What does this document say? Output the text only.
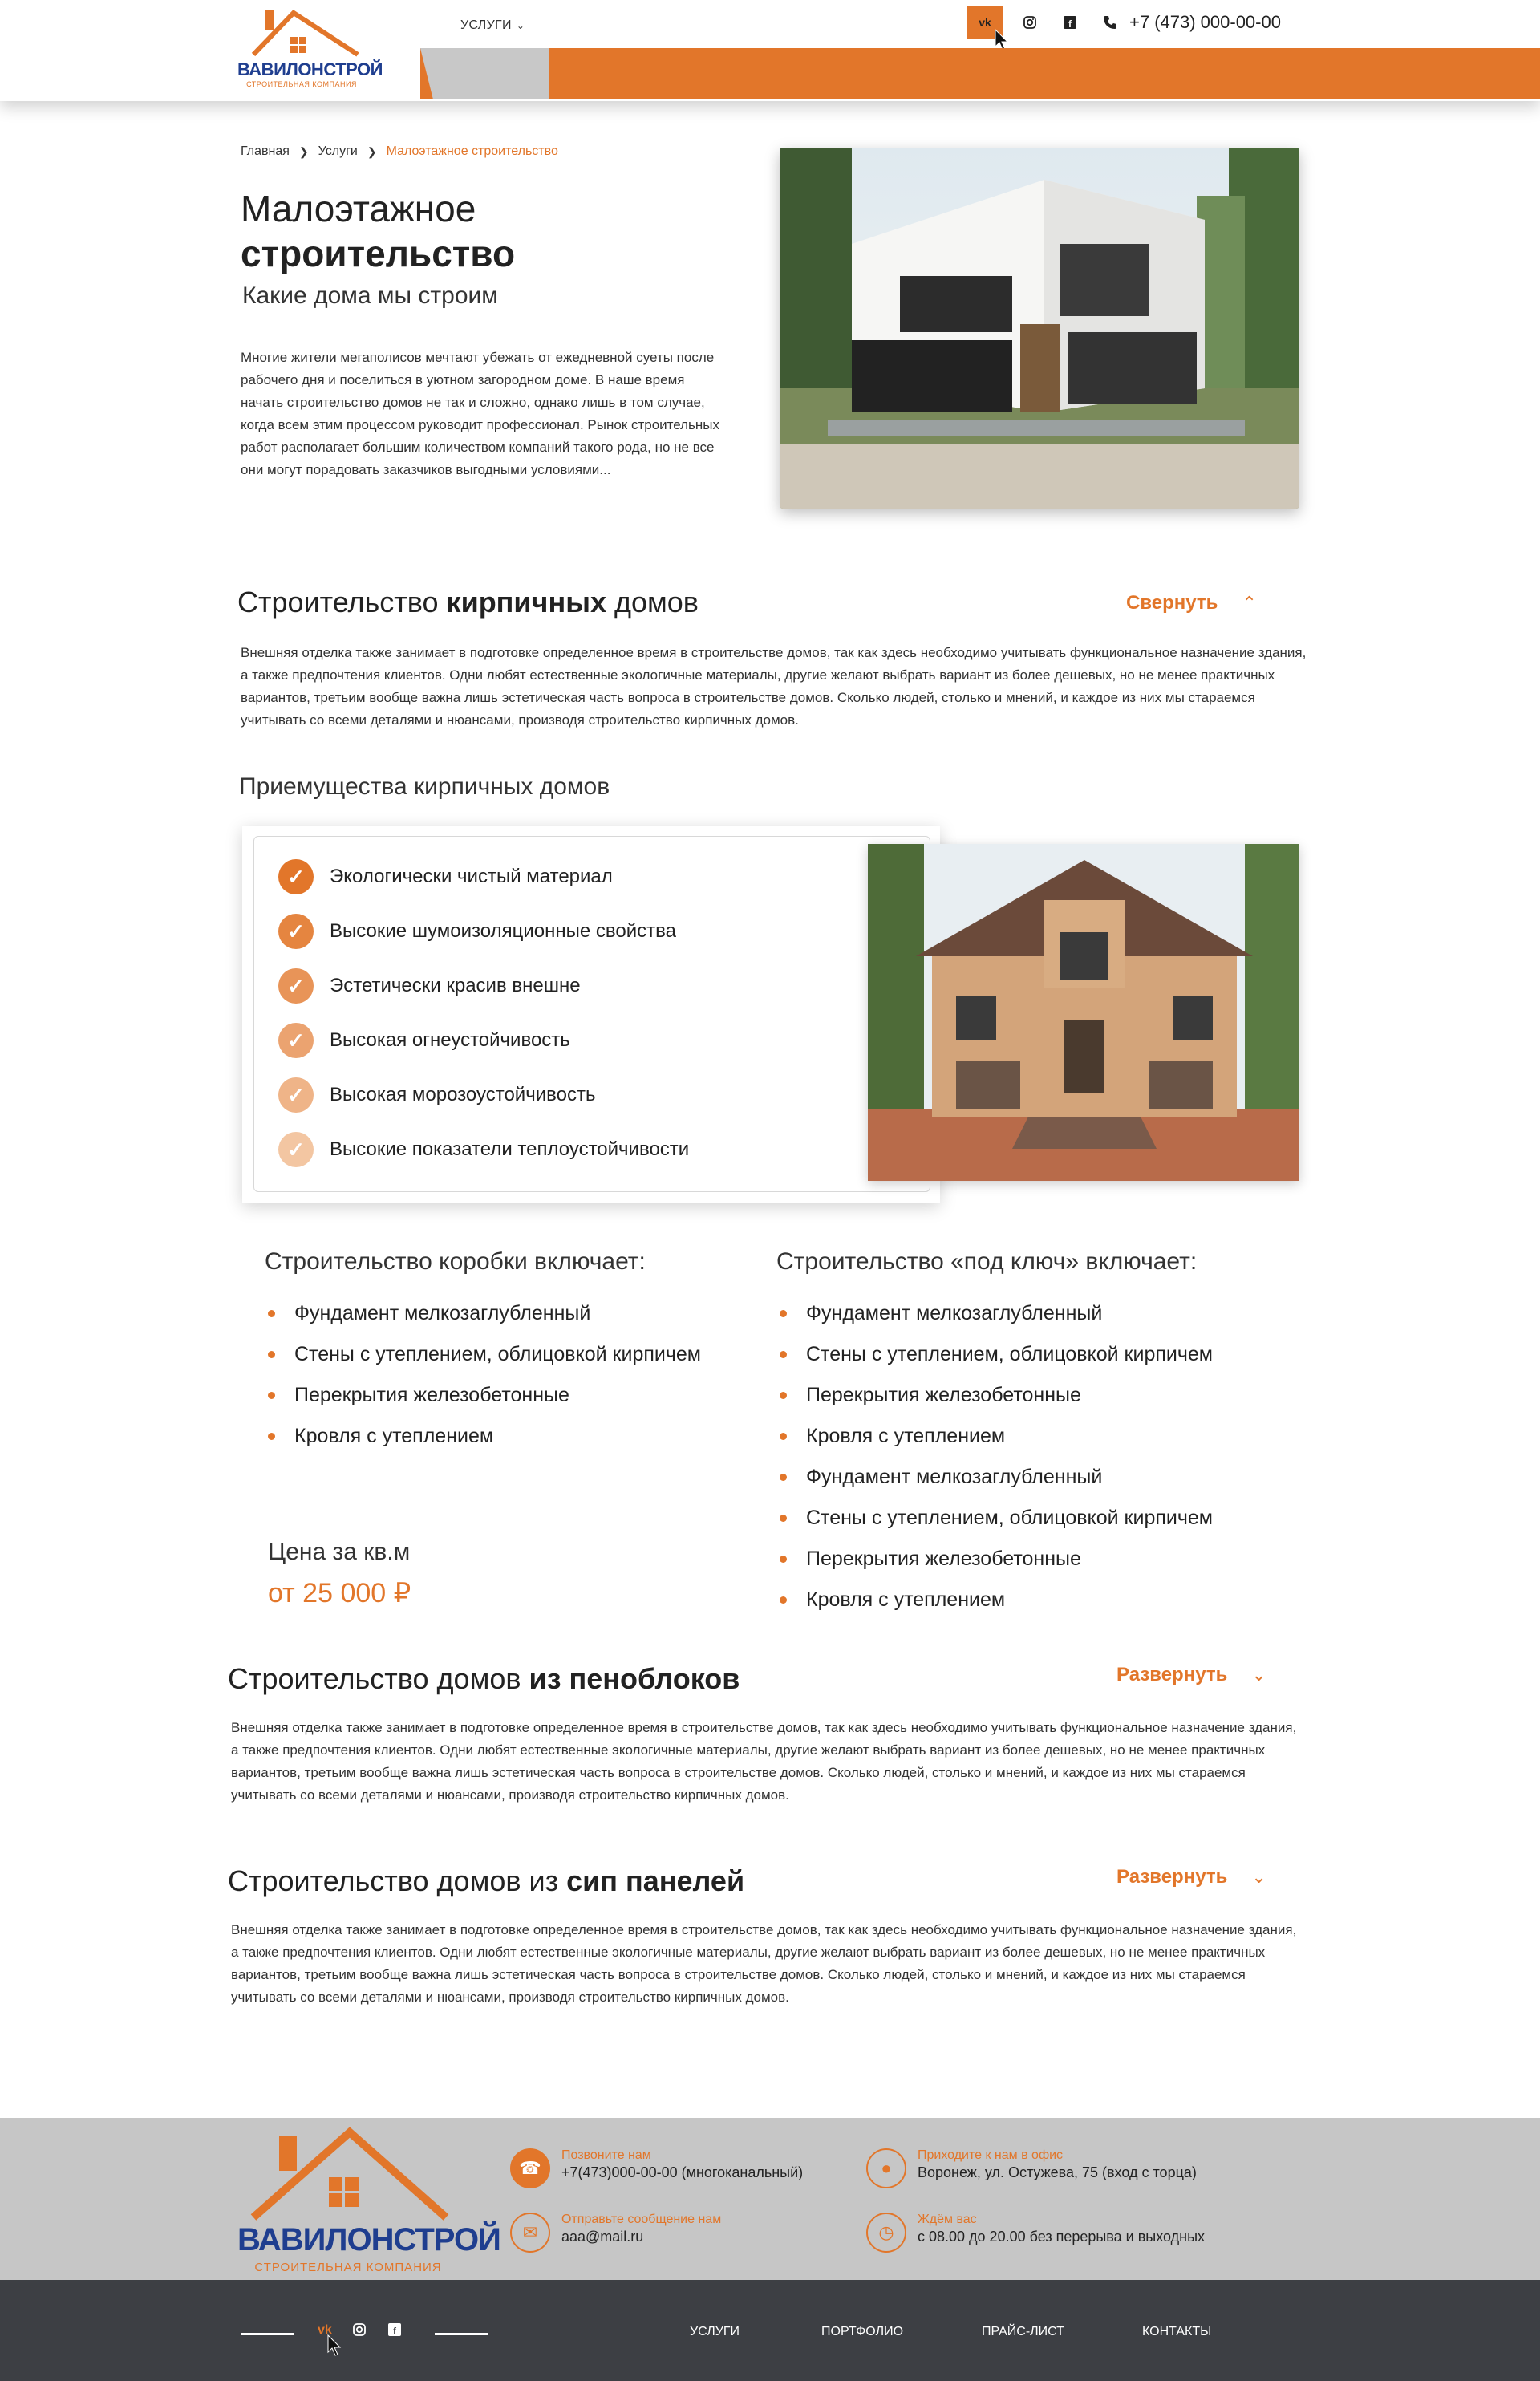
ВАВИЛОНСТРОЙ
СТРОИТЕЛЬНАЯ КОМПАНИЯ
vk	f	+7 (473) 000-00-00
УСЛУГИ ⌄	ПОРТФОЛИО	ПРАЙС-ЛИСТ	КОНТАКТЫ
Главная ❯ Услуги ❯ Малоэтажное строительство
Малоэтажное
строительство
Какие дома мы строим

Многие жители мегаполисов мечтают убежать от ежедневной суеты после рабочего дня и поселиться в уютном загородном доме. В наше время начать строительство домов не так и сложно, однако лишь в том случае, когда всем этим процессом руководит профессионал. Рынок строительных работ располагает большим количеством компаний такого рода, но не все они могут порадовать заказчиков выгодными условиями...

Строительство кирпичных домов	Свернуть ⌃

Внешняя отделка также занимает в подготовке определенное время в строительстве домов, так как здесь необходимо учитывать функциональное назначение здания, а также предпочтения клиентов. Одни любят естественные экологичные материалы, другие желают выбрать вариант из более дешевых, но не менее практичных вариантов, третьим вообще важна лишь эстетическая часть вопроса в строительстве домов. Сколько людей, столько и мнений, и каждое из них мы стараемся учитывать со всеми деталями и нюансами, производя строительство кирпичных домов.

Приемущества кирпичных домов
✓	Экологически чистый материал
✓	Высокие шумоизоляционные свойства
✓	Эстетически красив внешне
✓	Высокая огнеустойчивость
✓	Высокая морозоустойчивость
✓	Высокие показатели теплоустойчивости
Строительство коробки включает:
Фундамент мелкозаглубленный
Стены с утеплением, облицовкой кирпичем
Перекрытия железобетонные
Кровля с утеплением
Цена за кв.м
от 25 000 ₽
Строительство «под ключ» включает:
Фундамент мелкозаглубленный
Стены с утеплением, облицовкой кирпичем
Перекрытия железобетонные
Кровля с утеплением
Фундамент мелкозаглубленный
Стены с утеплением, облицовкой кирпичем
Перекрытия железобетонные
Кровля с утеплением
Строительство домов из пеноблоков	Развернуть ⌄

Внешняя отделка также занимает в подготовке определенное время в строительстве домов, так как здесь необходимо учитывать функциональное назначение здания, а также предпочтения клиентов. Одни любят естественные экологичные материалы, другие желают выбрать вариант из более дешевых, но не менее практичных вариантов, третьим вообще важна лишь эстетическая часть вопроса в строительстве домов. Сколько людей, столько и мнений, и каждое из них мы стараемся учитывать со всеми деталями и нюансами, производя строительство кирпичных домов.

Строительство домов из сип панелей	Развернуть ⌄

Внешняя отделка также занимает в подготовке определенное время в строительстве домов, так как здесь необходимо учитывать функциональное назначение здания, а также предпочтения клиентов. Одни любят естественные экологичные материалы, другие желают выбрать вариант из более дешевых, но не менее практичных вариантов, третьим вообще важна лишь эстетическая часть вопроса в строительстве домов. Сколько людей, столько и мнений, и каждое из них мы стараемся учитывать со всеми деталями и нюансами, производя строительство кирпичных домов.

ВАВИЛОНСТРОЙ
СТРОИТЕЛЬНАЯ КОМПАНИЯ
☎
Позвоните нам
+7(473)000-00-00 (многоканальный)
✉
Отправьте сообщение нам
aaa@mail.ru
●
Приходите к нам в офис
Воронеж, ул. Остужева, 75 (вход с торца)
◷
Ждём вас
с 08.00 до 20.00 без перерыва и выходных
vk	f	УСЛУГИ	ПОРТФОЛИО	ПРАЙС-ЛИСТ	КОНТАКТЫ
